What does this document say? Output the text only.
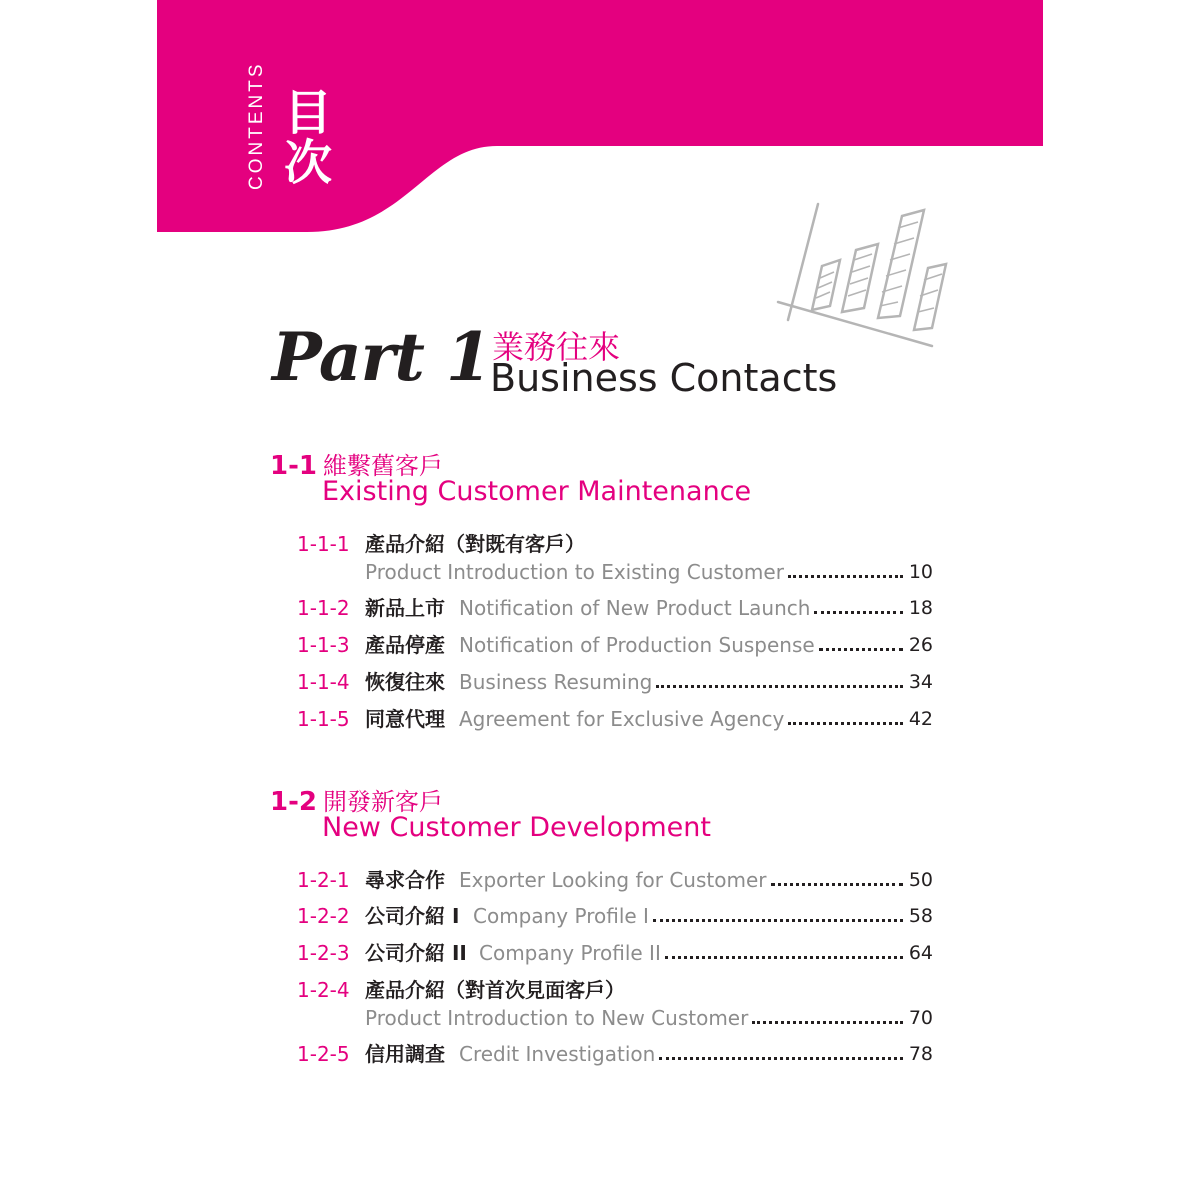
CONTENTS 目
次
Part 1 業務往來
Business Contacts
1-1 維繫舊客戶
Existing Customer Maintenance
1-1-1 產品介紹（對既有客戶）
Product Introduction to Existing Customer	10
1-1-2 新品上市 Notification of New Product Launch	18
1-1-3 產品停產 Notification of Production Suspense	26
1-1-4 恢復往來 Business Resuming	34
1-1-5 同意代理 Agreement for Exclusive Agency	42
1-2 開發新客戶
New Customer Development
1-2-1 尋求合作 Exporter Looking for Customer	50
1-2-2 公司介紹 I Company Profile I	58
1-2-3 公司介紹 II Company Profile II	64
1-2-4 產品介紹（對首次見面客戶）
Product Introduction to New Customer	70
1-2-5 信用調查 Credit Investigation	78
